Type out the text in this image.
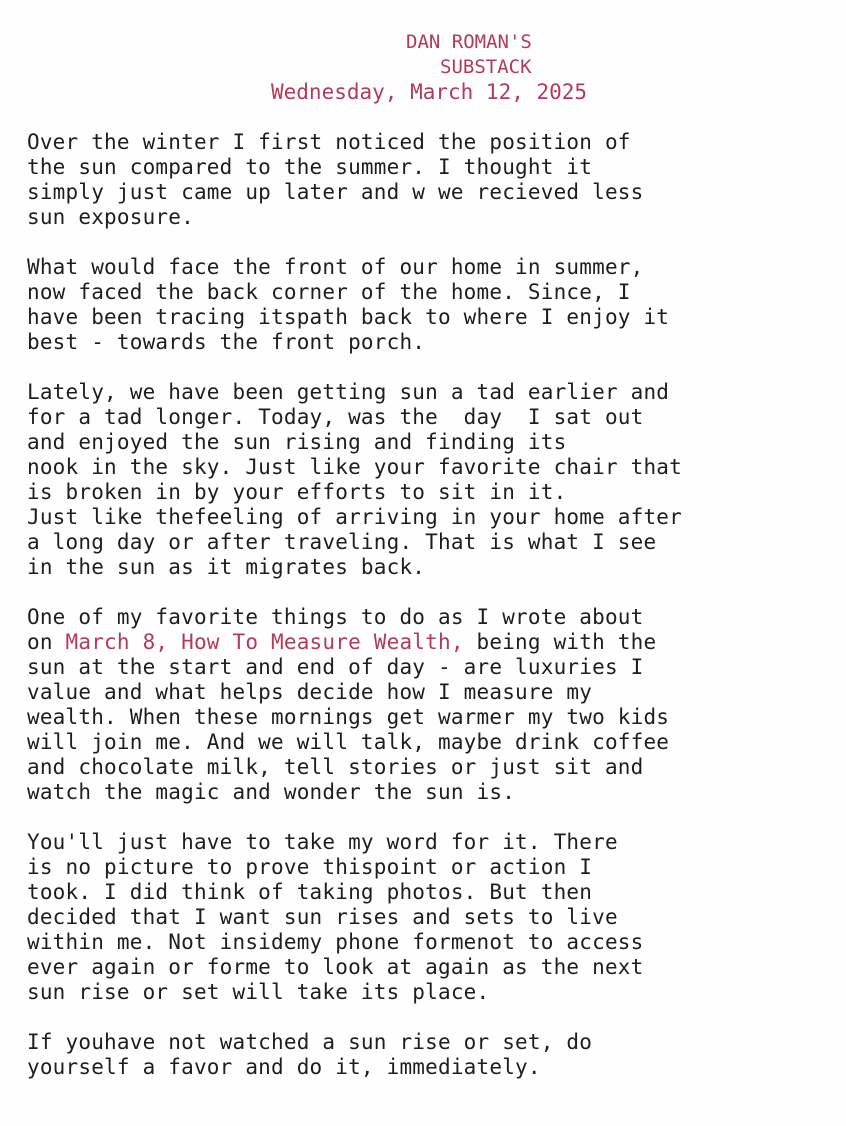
DAN ROMAN'S
SUBSTACK
Wednesday, March 12, 2025

Over the winter I first noticed the position of
the sun compared to the summer. I thought it
simply just came up later and w we recieved less
sun exposure.

What would face the front of our home in summer,
now faced the back corner of the home. Since, I
have been tracing itspath back to where I enjoy it
best - towards the front porch.

Lately, we have been getting sun a tad earlier and
for a tad longer. Today, was the  day  I sat out
and enjoyed the sun rising and finding its
nook in the sky. Just like your favorite chair that
is broken in by your efforts to sit in it.
Just like thefeeling of arriving in your home after
a long day or after traveling. That is what I see
in the sun as it migrates back.

One of my favorite things to do as I wrote about
on March 8, How To Measure Wealth, being with the
sun at the start and end of day - are luxuries I
value and what helps decide how I measure my
wealth. When these mornings get warmer my two kids
will join me. And we will talk, maybe drink coffee
and chocolate milk, tell stories or just sit and
watch the magic and wonder the sun is.

You'll just have to take my word for it. There
is no picture to prove thispoint or action I
took. I did think of taking photos. But then
decided that I want sun rises and sets to live
within me. Not insidemy phone formenot to access
ever again or forme to look at again as the next
sun rise or set will take its place.

If youhave not watched a sun rise or set, do
yourself a favor and do it, immediately.
